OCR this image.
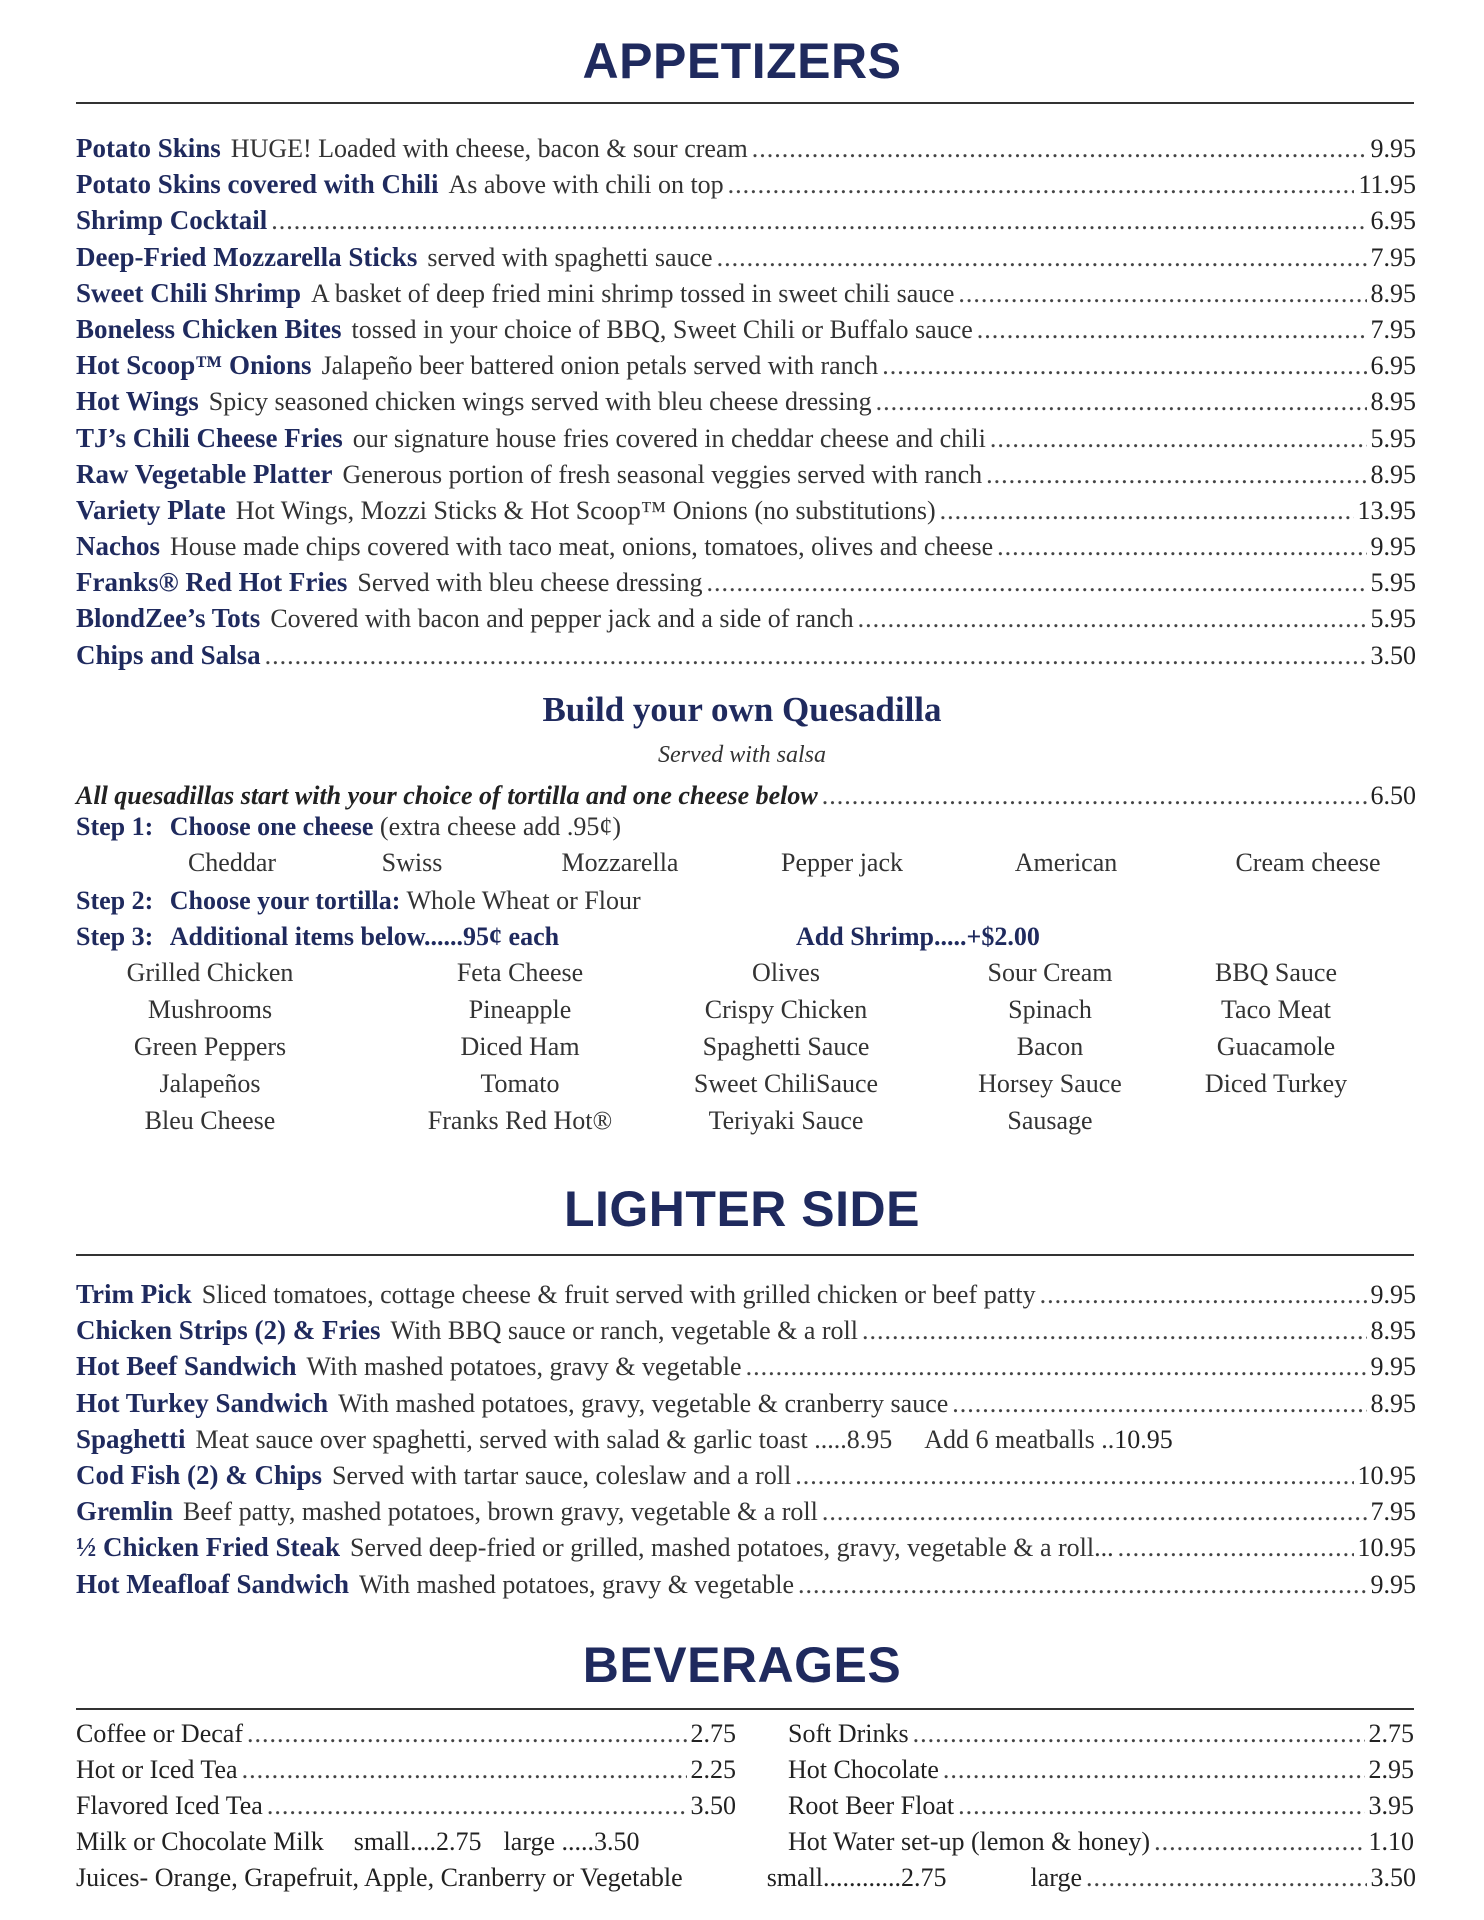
APPETIZERS
Potato Skins HUGE! Loaded with cheese, bacon & sour cream .....	9.95
Potato Skins covered with Chili As above with chili on top .....	11.95
Shrimp Cocktail .....	6.95
Deep-Fried Mozzarella Sticks served with spaghetti sauce .....	7.95
Sweet Chili Shrimp A basket of deep fried mini shrimp tossed in sweet chili sauce .....	8.95
Boneless Chicken Bites tossed in your choice of BBQ, Sweet Chili or Buffalo sauce .....	7.95
Hot Scoop™ Onions Jalapeño beer battered onion petals served with ranch .....	6.95
Hot Wings Spicy seasoned chicken wings served with bleu cheese dressing .....	8.95
TJ’s Chili Cheese Fries our signature house fries covered in cheddar cheese and chili .....	5.95
Raw Vegetable Platter Generous portion of fresh seasonal veggies served with ranch .....	8.95
Variety Plate Hot Wings, Mozzi Sticks & Hot Scoop™ Onions (no substitutions) .....	13.95
Nachos House made chips covered with taco meat, onions, tomatoes, olives and cheese .....	9.95
Franks® Red Hot Fries Served with bleu cheese dressing .....	5.95
BlondZee’s Tots Covered with bacon and pepper jack and a side of ranch .....	5.95
Chips and Salsa .....	3.50
Build your own Quesadilla
Served with salsa
All quesadillas start with your choice of tortilla and one cheese below .....	6.50
Step 1: Choose one cheese (extra cheese add .95¢)
Cheddar	Swiss	Mozzarella	Pepper jack	American	Cream cheese
Step 2: Choose your tortilla: Whole Wheat or Flour
Step 3: Additional items below......95¢ each	Add Shrimp.....+$2.00
Grilled Chicken	Feta Cheese	Olives	Sour Cream	BBQ Sauce
Mushrooms	Pineapple	Crispy Chicken	Spinach	Taco Meat
Green Peppers	Diced Ham	Spaghetti Sauce	Bacon	Guacamole
Jalapeños	Tomato	Sweet ChiliSauce	Horsey Sauce	Diced Turkey
Bleu Cheese	Franks Red Hot®	Teriyaki Sauce	Sausage
LIGHTER SIDE
Trim Pick Sliced tomatoes, cottage cheese & fruit served with grilled chicken or beef patty .....	9.95
Chicken Strips (2) & Fries With BBQ sauce or ranch, vegetable & a roll .....	8.95
Hot Beef Sandwich With mashed potatoes, gravy & vegetable .....	9.95
Hot Turkey Sandwich With mashed potatoes, gravy, vegetable & cranberry sauce .....	8.95
Spaghetti Meat sauce over spaghetti, served with salad & garlic toast .....8.95 Add 6 meatballs .. 10.95
Cod Fish (2) & Chips Served with tartar sauce, coleslaw and a roll .....	10.95
Gremlin Beef patty, mashed potatoes, brown gravy, vegetable & a roll .....	7.95
½ Chicken Fried Steak Served deep-fried or grilled, mashed potatoes, gravy, vegetable & a roll... .....	10.95
Hot Meafloaf Sandwich With mashed potatoes, gravy & vegetable .....	9.95
BEVERAGES
Coffee or Decaf .....	2.75
Hot or Iced Tea .....	2.25
Flavored Iced Tea .....	3.50
Soft Drinks .....	2.75
Hot Chocolate .....	2.95
Root Beer Float .....	3.95
Hot Water set-up (lemon & honey) .....	1.10
Milk or Chocolate Milk small....2.75 large .....3.50
Juices- Orange, Grapefruit, Apple, Cranberry or Vegetable	small............2.75	large .....	3.50
